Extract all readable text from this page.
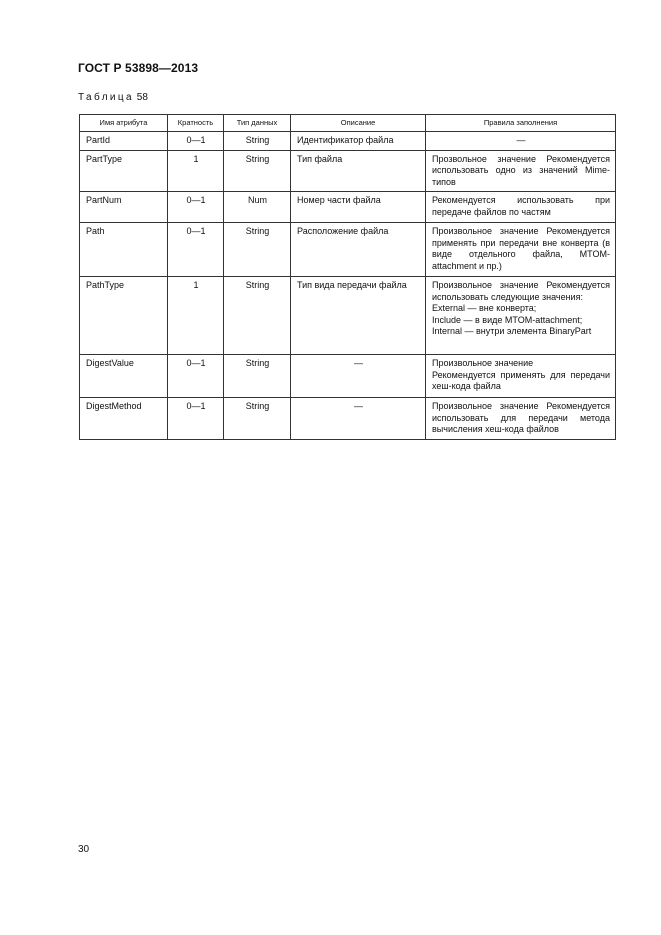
ГОСТ Р 53898—2013
Таблица 58
Имя атрибута	Кратность	Тип данных	Описание	Правила заполнения
PartId	0—1	String	Идентификатор файла	—
PartType	1	String	Тип файла	Прозвольное значение Рекомендуется использовать одно из значений Mime-типов
PartNum	0—1	Num	Номер части файла	Рекомендуется использовать при передаче файлов по частям
Path	0—1	String	Расположение файла	Произвольное значение Рекомендуется применять при передачи вне конверта (в виде отдельного файла, MTOM-attachment и пр.)
PathType	1	String	Тип вида передачи файла	Произвольное значение Рекомендуется использовать следующие значения:
External — вне конверта;
Include — в виде MTOM-attachment;
Internal — внутри элемента BinaryPart

DigestValue	0—1	String	—	Произвольное значение
Рекомендуется применять для передачи хеш-кода файла

DigestMethod	0—1	String	—	Произвольное значение Рекомендуется использовать для передачи метода вычисления хеш-кода файлов
30
